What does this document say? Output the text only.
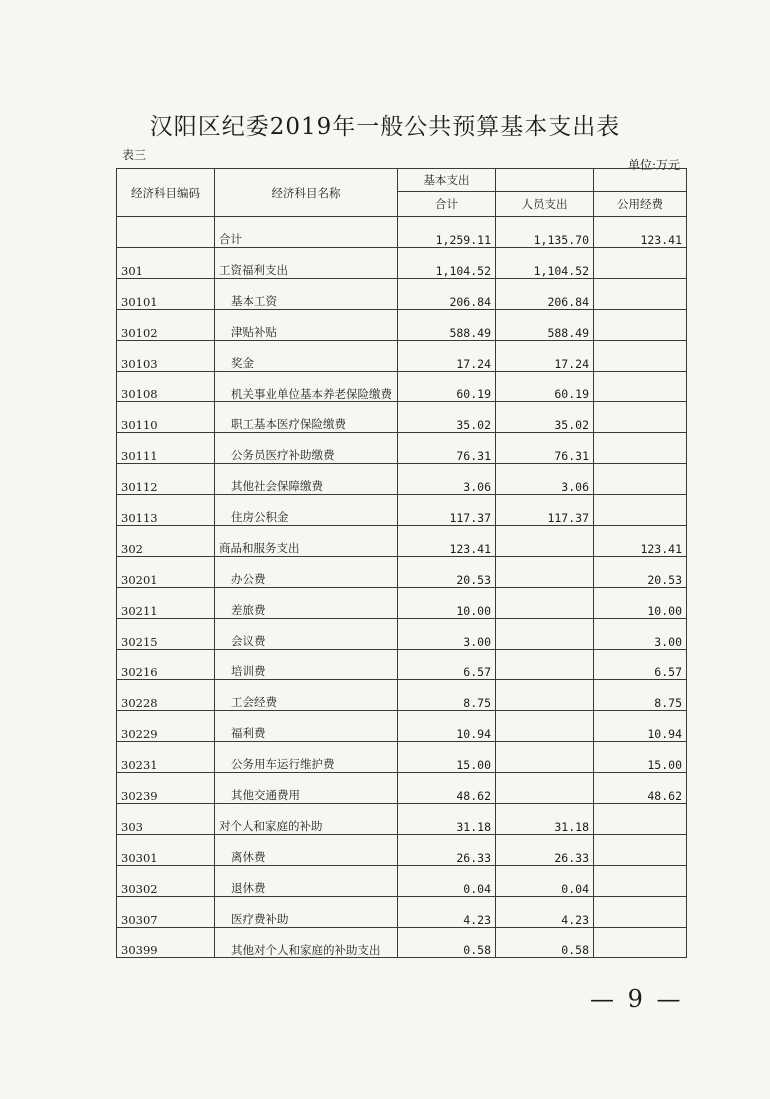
汉阳区纪委2019年一般公共预算基本支出表
表三
单位:万元
经济科目编码	经济科目名称	基本支出		
		合计	人员支出	公用经费
	合计	1,259.11	1,135.70	123.41
301	工资福利支出	1,104.52	1,104.52	
30101	基本工资	206.84	206.84	
30102	津贴补贴	588.49	588.49	
30103	奖金	17.24	17.24	
30108	机关事业单位基本养老保险缴费	60.19	60.19	
30110	职工基本医疗保险缴费	35.02	35.02	
30111	公务员医疗补助缴费	76.31	76.31	
30112	其他社会保障缴费	3.06	3.06	
30113	住房公积金	117.37	117.37	
302	商品和服务支出	123.41		123.41
30201	办公费	20.53		20.53
30211	差旅费	10.00		10.00
30215	会议费	3.00		3.00
30216	培训费	6.57		6.57
30228	工会经费	8.75		8.75
30229	福利费	10.94		10.94
30231	公务用车运行维护费	15.00		15.00
30239	其他交通费用	48.62		48.62
303	对个人和家庭的补助	31.18	31.18	
30301	离休费	26.33	26.33	
30302	退休费	0.04	0.04	
30307	医疗费补助	4.23	4.23	
30399	其他对个人和家庭的补助支出	0.58	0.58	
— 9 —
